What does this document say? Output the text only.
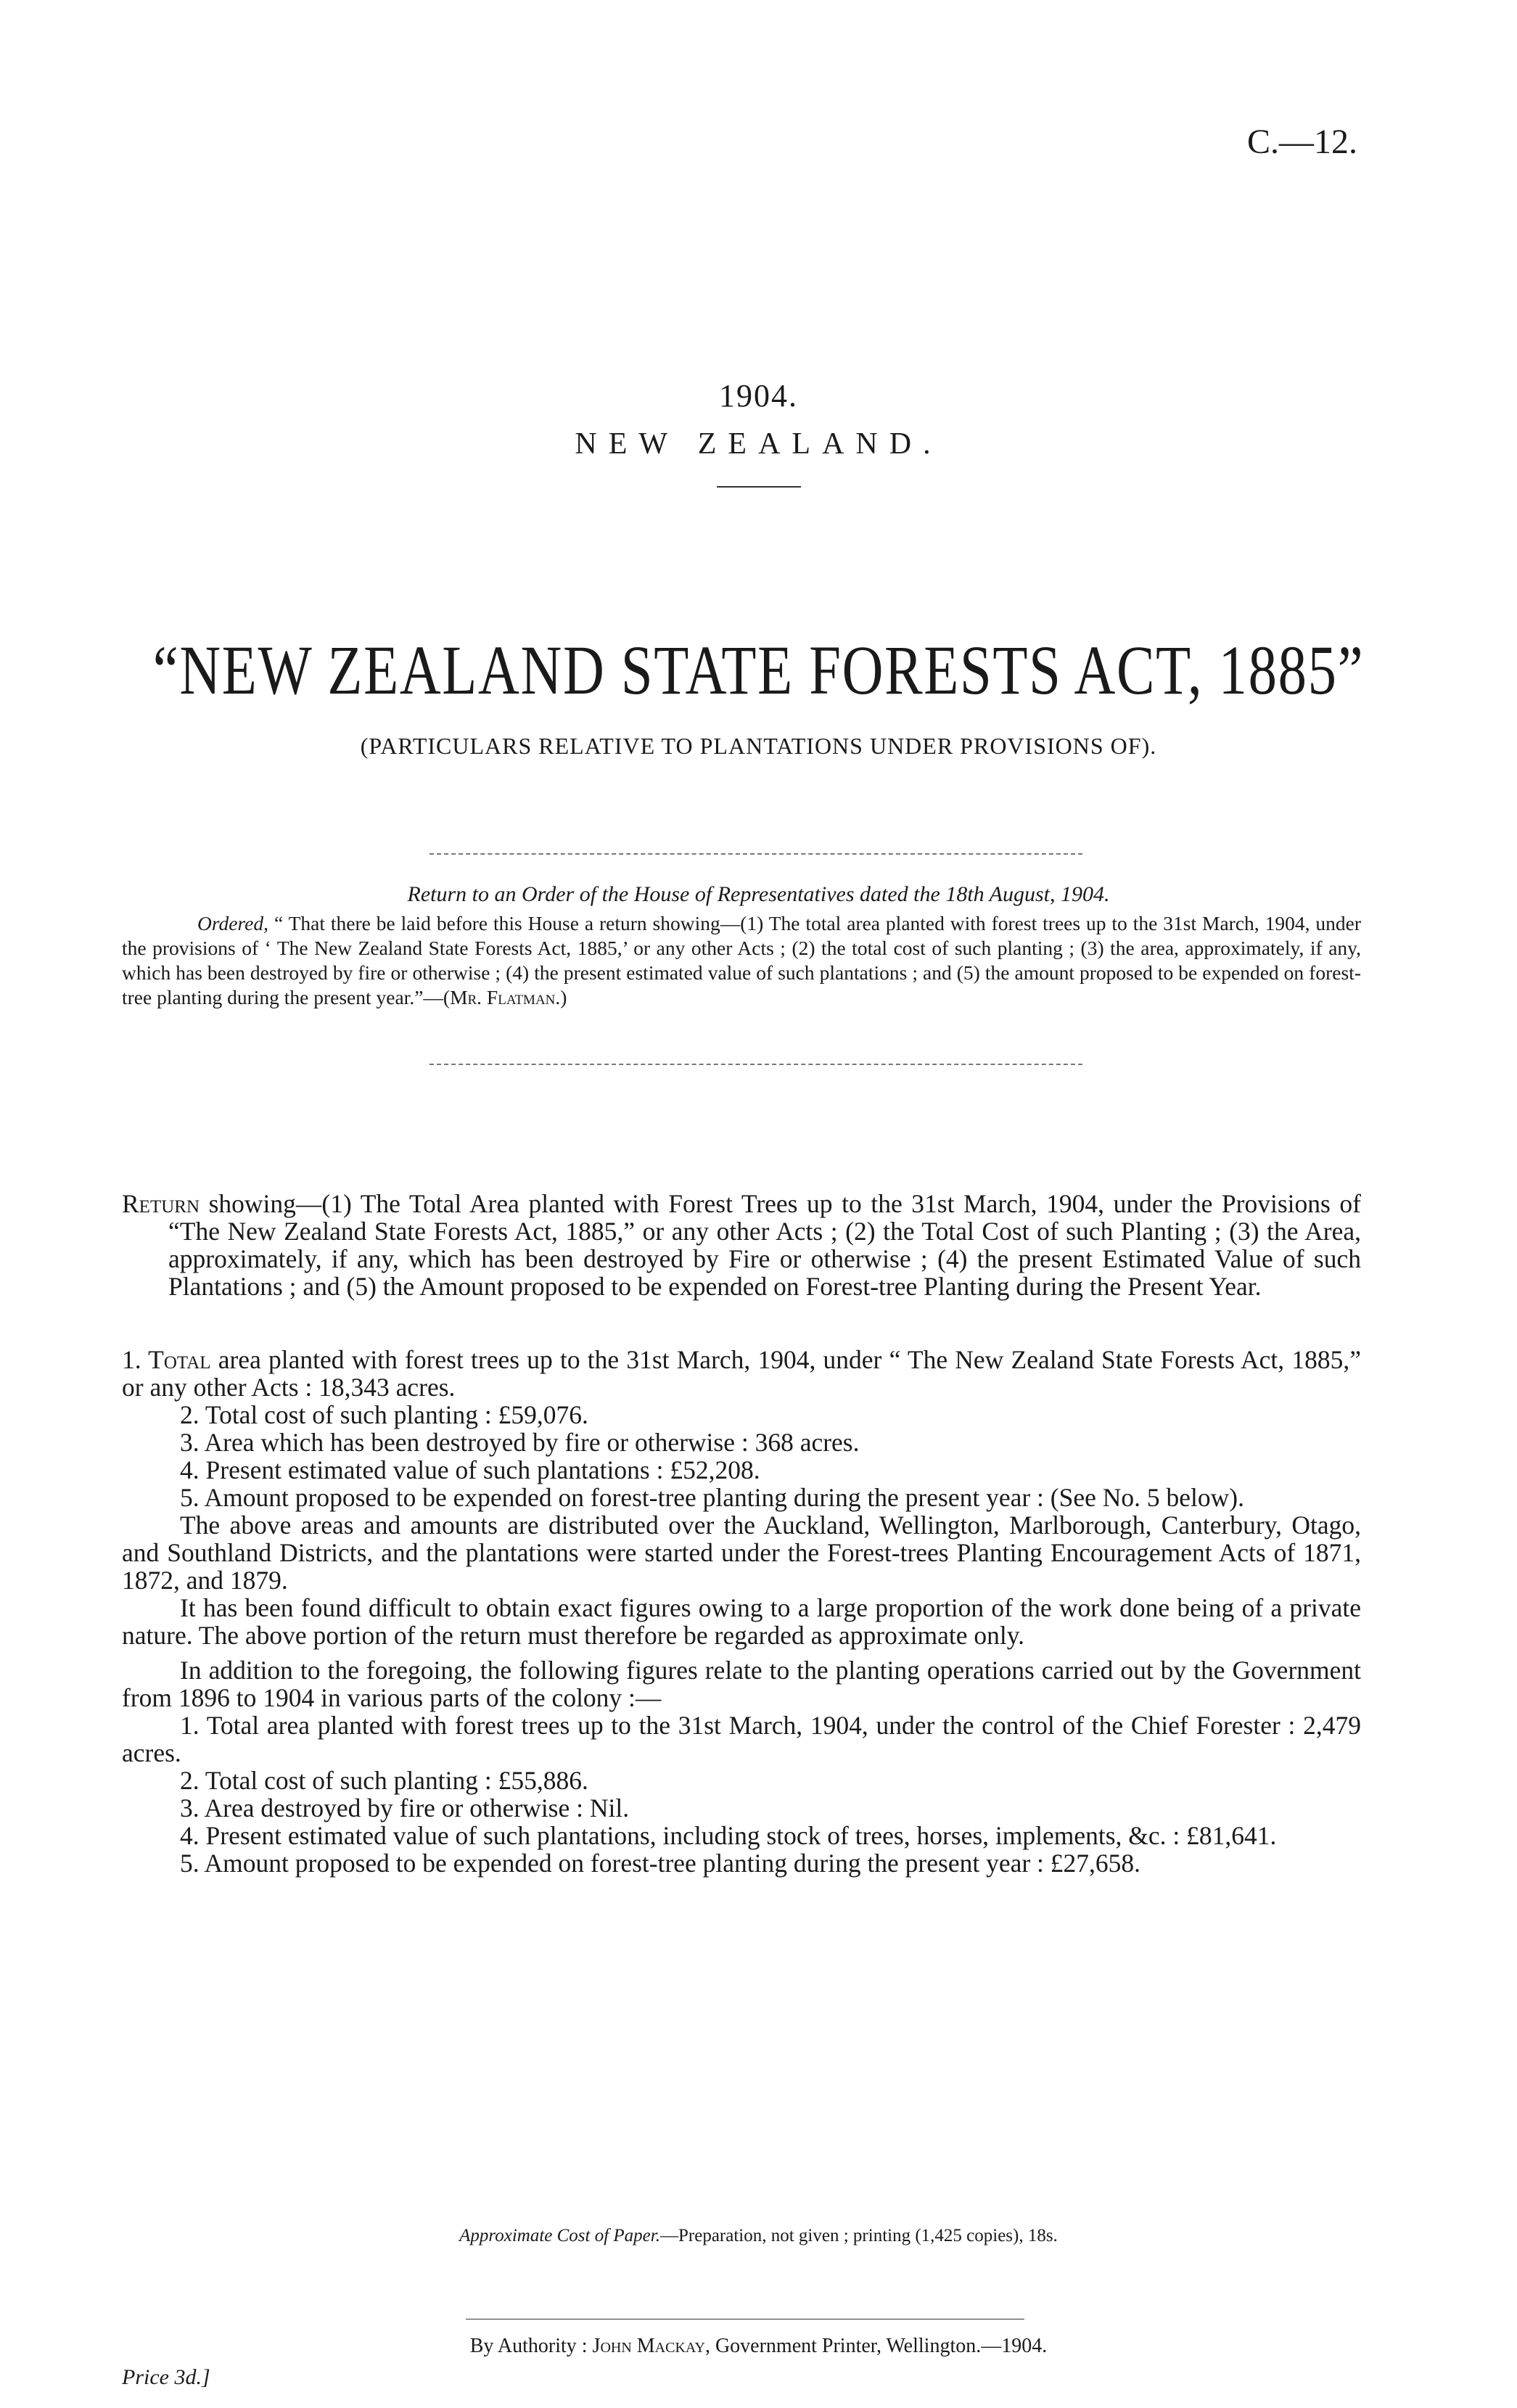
C.—12.
1904.
NEW ZEALAND.
“NEW ZEALAND STATE FORESTS ACT, 1885”
(PARTICULARS RELATIVE TO PLANTATIONS UNDER PROVISIONS OF).
Return to an Order of the House of Representatives dated the 18th August, 1904.
Ordered, “ That there be laid before this House a return showing—(1) The total area planted with forest trees up to the 31st March, 1904, under the provisions of ‘ The New Zealand State Forests Act, 1885,’ or any other Acts ; (2) the total cost of such planting ; (3) the area, approximately, if any, which has been destroyed by fire or otherwise ; (4) the present estimated value of such plantations ; and (5) the amount proposed to be expended on forest-tree planting during the present year.”—(Mr. Flatman.)
Return showing—(1) The Total Area planted with Forest Trees up to the 31st March, 1904, under the Provisions of “The New Zealand State Forests Act, 1885,” or any other Acts ; (2) the Total Cost of such Planting ; (3) the Area, approximately, if any, which has been destroyed by Fire or otherwise ; (4) the present Estimated Value of such Plantations ; and (5) the Amount proposed to be expended on Forest-tree Planting during the Present Year.

1. Total area planted with forest trees up to the 31st March, 1904, under “ The New Zealand State Forests Act, 1885,” or any other Acts : 18,343 acres.

2. Total cost of such planting : £59,076.

3. Area which has been destroyed by fire or otherwise : 368 acres.

4. Present estimated value of such plantations : £52,208.

5. Amount proposed to be expended on forest-tree planting during the present year : (See No. 5 below).

The above areas and amounts are distributed over the Auckland, Wellington, Marlborough, Canterbury, Otago, and Southland Districts, and the plantations were started under the Forest-trees Planting Encouragement Acts of 1871, 1872, and 1879.

It has been found difficult to obtain exact figures owing to a large proportion of the work done being of a private nature. The above portion of the return must therefore be regarded as approximate only.

In addition to the foregoing, the following figures relate to the planting operations carried out by the Government from 1896 to 1904 in various parts of the colony :—

1. Total area planted with forest trees up to the 31st March, 1904, under the control of the Chief Forester : 2,479 acres.

2. Total cost of such planting : £55,886.

3. Area destroyed by fire or otherwise : Nil.

4. Present estimated value of such plantations, including stock of trees, horses, implements, &c. : £81,641.

5. Amount proposed to be expended on forest-tree planting during the present year : £27,658.

Approximate Cost of Paper.—Preparation, not given ; printing (1,425 copies), 18s.
By Authority : John Mackay, Government Printer, Wellington.—1904.
Price 3d.]
